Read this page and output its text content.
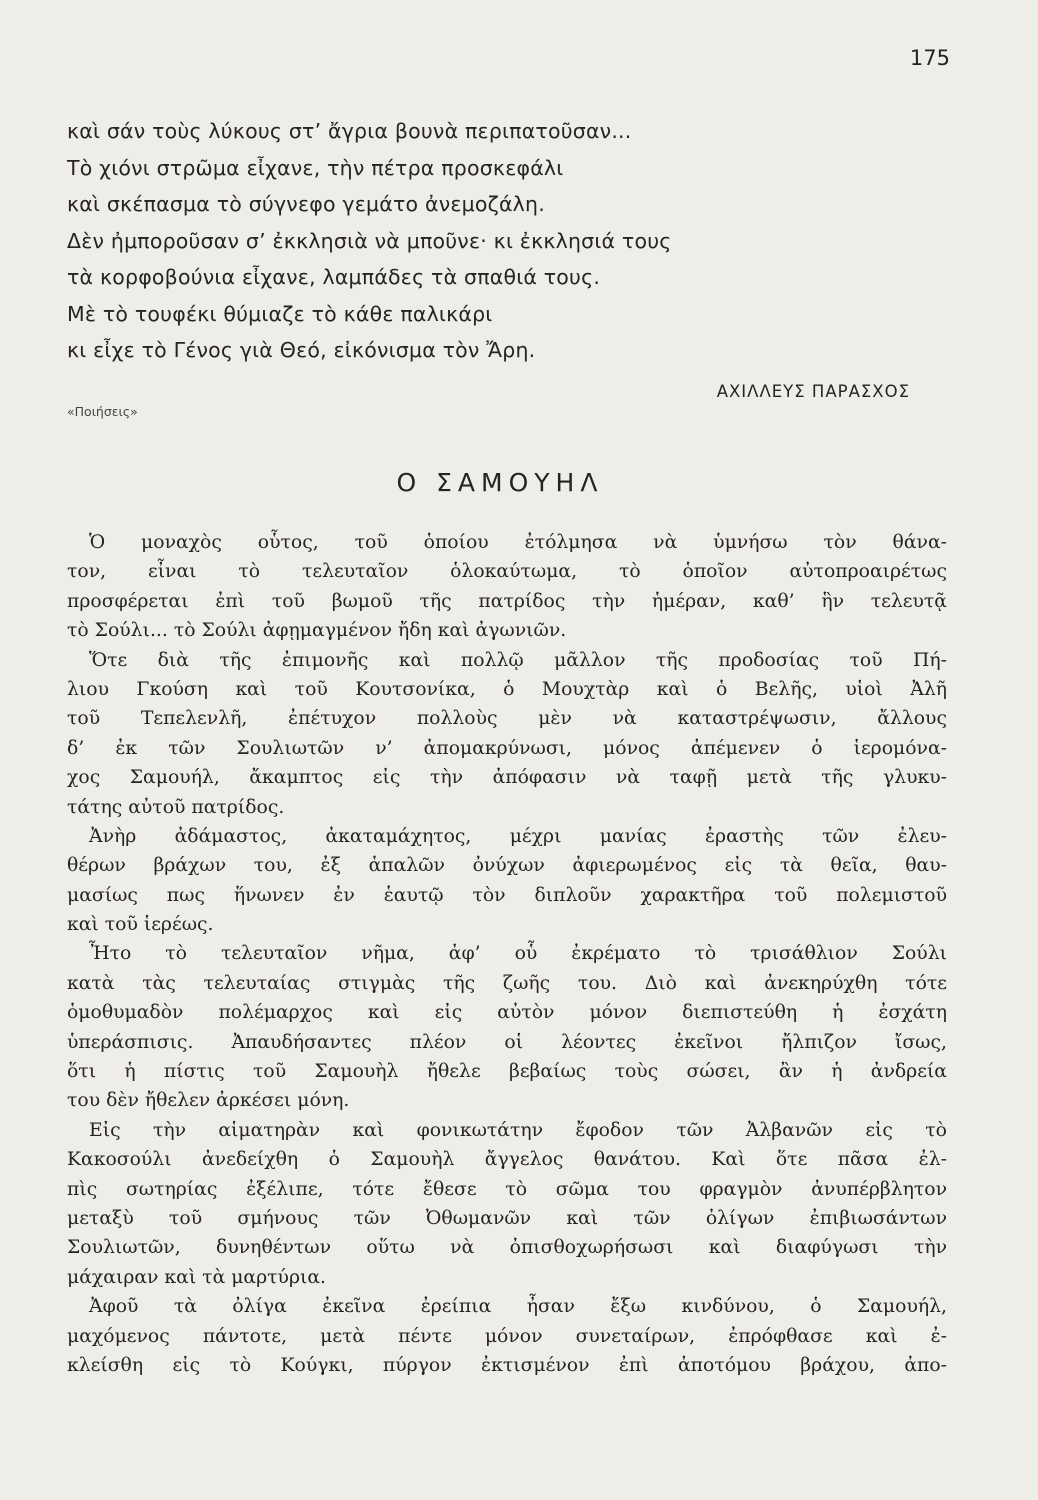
175
καὶ σάν τοὺς λύκους στ’ ἄγρια βουνὰ περιπατοῦσαν...
Τὸ χιόνι στρῶμα εἶχανε, τὴν πέτρα προσκεφάλι
καὶ σκέπασμα τὸ σύγνεφο γεμάτο ἀνεμοζάλη.
Δὲν ἠμποροῦσαν σ’ ἐκκλησιὰ νὰ μποῦνε· κι ἐκκλησιά τους
τὰ κορφοβούνια εἶχανε, λαμπάδες τὰ σπαθιά τους.
Μὲ τὸ τουφέκι θύμιαζε τὸ κάθε παλικάρι
κι εἶχε τὸ Γένος γιὰ Θεό, εἰκόνισμα τὸν Ἄρη.
ΑΧΙΛΛΕΥΣ ΠΑΡΑΣΧΟΣ
«Ποιήσεις»
Ο ΣΑΜΟΥΗΛ
Ὁ μοναχὸς οὗτος, τοῦ ὁποίου ἐτόλμησα νὰ ὑμνήσω τὸν θάνα-
τον, εἶναι τὸ τελευταῖον ὁλοκαύτωμα, τὸ ὁποῖον αὐτοπροαιρέτως
προσφέρεται ἐπὶ τοῦ βωμοῦ τῆς πατρίδος τὴν ἡμέραν, καθ’ ἣν τελευτᾷ
τὸ Σούλι... τὸ Σούλι ἀφῃμαγμένον ἤδη καὶ ἀγωνιῶν.
Ὅτε διὰ τῆς ἐπιμονῆς καὶ πολλῷ μᾶλλον τῆς προδοσίας τοῦ Πή-
λιου Γκούση καὶ τοῦ Κουτσονίκα, ὁ Μουχτὰρ καὶ ὁ Βελῆς, υἱοὶ Ἀλῆ
τοῦ Τεπελενλῆ, ἐπέτυχον πολλοὺς μὲν νὰ καταστρέψωσιν, ἄλλους
δ’ ἐκ τῶν Σουλιωτῶν ν’ ἀπομακρύνωσι, μόνος ἀπέμενεν ὁ ἱερομόνα-
χος Σαμουήλ, ἄκαμπτος εἰς τὴν ἀπόφασιν νὰ ταφῇ μετὰ τῆς γλυκυ-
τάτης αὐτοῦ πατρίδος.
Ἀνὴρ ἀδάμαστος, ἀκαταμάχητος, μέχρι μανίας ἐραστὴς τῶν ἐλευ-
θέρων βράχων του, ἐξ ἁπαλῶν ὀνύχων ἀφιερωμένος εἰς τὰ θεῖα, θαυ-
μασίως πως ἥνωνεν ἐν ἑαυτῷ τὸν διπλοῦν χαρακτῆρα τοῦ πολεμιστοῦ
καὶ τοῦ ἱερέως.
Ἦτο τὸ τελευταῖον νῆμα, ἀφ’ οὗ ἐκρέματο τὸ τρισάθλιον Σούλι
κατὰ τὰς τελευταίας στιγμὰς τῆς ζωῆς του. Διὸ καὶ ἀνεκηρύχθη τότε
ὁμοθυμαδὸν πολέμαρχος καὶ εἰς αὐτὸν μόνον διεπιστεύθη ἡ ἐσχάτη
ὑπεράσπισις. Ἀπαυδήσαντες πλέον οἱ λέοντες ἐκεῖνοι ἤλπιζον ἴσως,
ὅτι ἡ πίστις τοῦ Σαμουὴλ ἤθελε βεβαίως τοὺς σώσει, ἂν ἡ ἀνδρεία
του δὲν ἤθελεν ἀρκέσει μόνη.
Εἰς τὴν αἱματηρὰν καὶ φονικωτάτην ἔφοδον τῶν Ἀλβανῶν εἰς τὸ
Κακοσούλι ἀνεδείχθη ὁ Σαμουὴλ ἄγγελος θανάτου. Καὶ ὅτε πᾶσα ἐλ-
πὶς σωτηρίας ἐξέλιπε, τότε ἔθεσε τὸ σῶμα του φραγμὸν ἀνυπέρβλητον
μεταξὺ τοῦ σμήνους τῶν Ὀθωμανῶν καὶ τῶν ὀλίγων ἐπιβιωσάντων
Σουλιωτῶν, δυνηθέντων οὕτω νὰ ὀπισθοχωρήσωσι καὶ διαφύγωσι τὴν
μάχαιραν καὶ τὰ μαρτύρια.
Ἀφοῦ τὰ ὀλίγα ἐκεῖνα ἐρείπια ἦσαν ἔξω κινδύνου, ὁ Σαμουήλ,
μαχόμενος πάντοτε, μετὰ πέντε μόνον συνεταίρων, ἐπρόφθασε καὶ ἐ-
κλείσθη εἰς τὸ Κούγκι, πύργον ἐκτισμένον ἐπὶ ἀποτόμου βράχου, ἀπο-
